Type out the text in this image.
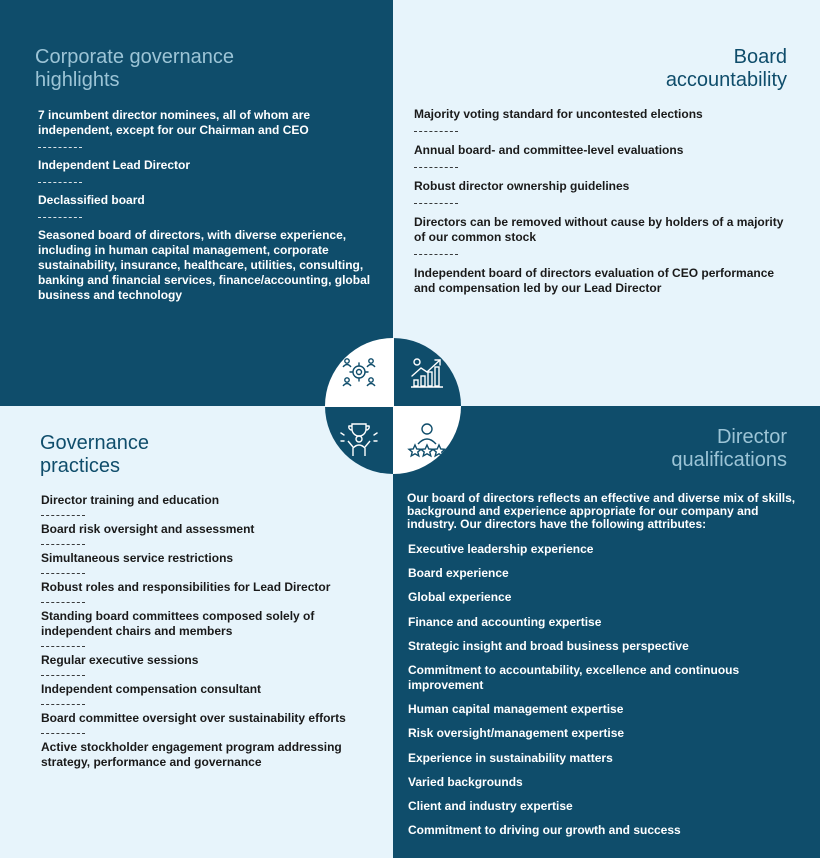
Corporate governance
highlights
7 incumbent director nominees, all of whom are independent, except for our Chairman and CEO
Independent Lead Director
Declassified board
Seasoned board of directors, with diverse experience, including in human capital management, corporate sustainability, insurance, healthcare, utilities, consulting, banking and financial services, finance/accounting, global business and technology
Board
accountability
Majority voting standard for uncontested elections
Annual board- and committee-level evaluations
Robust director ownership guidelines
Directors can be removed without cause by holders of a majority of our common stock
Independent board of directors evaluation of CEO performance and compensation led by our Lead Director
Governance
practices
Director training and education
Board risk oversight and assessment
Simultaneous service restrictions
Robust roles and responsibilities for Lead Director
Standing board committees composed solely of independent chairs and members
Regular executive sessions
Independent compensation consultant
Board committee oversight over sustainability efforts
Active stockholder engagement program addressing strategy, performance and governance
Director
qualifications

Our board of directors reflects an effective and diverse mix of skills, background and experience appropriate for our company and industry. Our directors have the following attributes:

Executive leadership experience
Board experience
Global experience
Finance and accounting expertise
Strategic insight and broad business perspective
Commitment to accountability, excellence and continuous improvement
Human capital management expertise
Risk oversight/management expertise
Experience in sustainability matters
Varied backgrounds
Client and industry expertise
Commitment to driving our growth and success
